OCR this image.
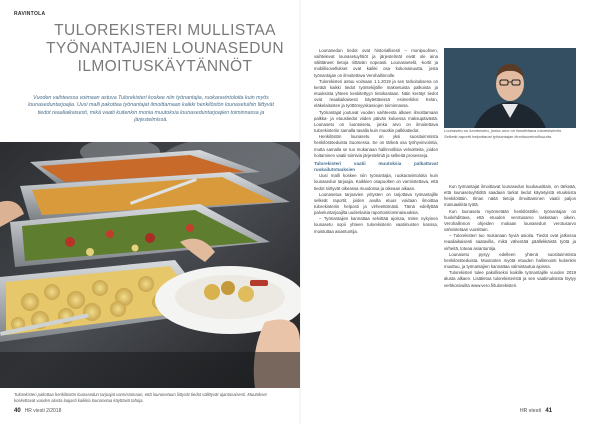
RAVINTOLA
TULOREKISTERI MULLISTAA TYÖNANTAJIEN LOUNASEDUN ILMOITUSKÄYTÄNNÖT
Vuoden vaihteessa voimaan astuva Tulorekisteri koskee niin työnantajia, ruokaravintoloita kuin myös lounaseduntarjoajia. Uusi malli pakottaa työnantajat ilmoittamaan kaikki henkilöstön lounasetuihin liittyvät tiedot reaaliaikaisesti, mikä vaatii kuitenkin monia muutoksia lounaseduntarjoajien toiminnassa ja järjestelmissä.
Tulorekisteri pakottaa henkilöstön lounasedun tarjoajat varmistamaan, että lounasetuun liittyvät tiedot välittyvät ajantasaisesti. Muutokset koskettavat vuoden alusta laajasti kaikkia lounasetua käyttäviä tahoja.

Lounasedun tiedot ovat historiallisesti – monipuolinen, vaihtelevat lounasetuyhtiöt ja järjestelmät eivät ole aina välittäneet tietoja riittävän nopeasti. Lounassetelit, -kortit ja mobiilisovellukset ovat kaikki osa kokonaisuutta, josta työnantajan on ilmoitettava Verohallinnolle.

Tulorekisteri astuu voimaan 1.1.2019 ja sen tarkoituksena on kerätä kaikki tiedot työntekijöille maksetuista palkoista ja etuuksista yhteen keskitettyyn tietokantaan. Näin kerätyt tiedot ovat reaaliaikaisesti käytettävissä esimerkiksi Kelan, eläkelaitosten ja työttömyyskassojen toiminnassa.

Työnantajat joutuvat vuoden vaihteesta alkaen ilmoittamaan palkka- ja etuustiedot viiden päivän kuluessa maksupäivästä. Lounasetu on luontoisetu, jonka arvo on ilmoitettava tulorekisteriin samalla tavalla kuin muutkin palkkatiedot.

Henkilöstön lounasetu on yksi suosituimmista henkilöstöeduista Suomessa. Se on tärkeä osa työhyvinvointia, mutta samalla se tuo mukanaan hallinnollisia velvoitteita, joiden hoitaminen vaatii toimivia järjestelmiä ja selkeitä prosesseja.

Tulorekisteri vaatii muutoksia palkattavat ruokailutotuuksien

Uusi malli koskee niin työnantajia, ruokaravintoloita kuin lounasedun tarjoajia. Kaikkien osapuolten on varmistettava, että tiedot siirtyvät oikeassa muodossa ja oikeaan aikaan.

Lounasetua tarjoavien yritysten on tarjottava työnantajille selkeät raportit, joiden avulla etuus voidaan ilmoittaa tulorekisteriin helposti ja virheettömästi. Tämä edellyttää palveluntarjoajilta uudenlaisia raportointiominaisuuksia.

– Työnantajien kannattaa selvittää ajoissa, miten nykyinen lounasetu sopii yhteen tulorekisterin vaatimusten kanssa, muistuttaa asiantuntija.

Lounasetu on luontoisetu, jonka arvo on ilmoitettava tulorekisteriin. Selkeät raportit helpottavat työnantajan ilmoitusvelvollisuutta.

Kun työnantajat ilmoittavat lounasedun kuukausittain, on tärkeää, että lounasetuyhtiöltä saadaan tarkat tiedot käytetyistä etuuksista henkilöittäin. Ilman näitä tietoja ilmoittaminen vaatii paljon manuaalista työtä.

Kun lounasetu myönnetään henkilöstölle, työnantajan on huolehdittava, että etuuden verotusarvo lasketaan oikein. Verohallinnon ohjeiden mukaan lounasedun verotusarvo vahvistetaan vuosittain.

– Tulorekisteri tuo mukanaan hyviä asioita. Tiedot ovat jatkossa reaaliaikaisesti saatavilla, mikä vähentää päällekkäistä työtä ja virheitä, toteaa asiantuntija.

Lounasetu pysyy edelleen yhtenä suosituimmista henkilöstöeduista. Muutosten myötä etuuden hallinnointi kuitenkin muuttuu, ja työnantajien kannattaa valmistautua ajoissa.

Tulorekisteri tulee pakolliseksi kaikille työnantajille vuoden 2019 alusta alkaen. Lisätietoa tulorekisteristä ja sen vaatimuksista löytyy verkkosivuilta www.vero.fi/tulorekisteri.

40 HR viesti 2/2018	HR viesti 41
